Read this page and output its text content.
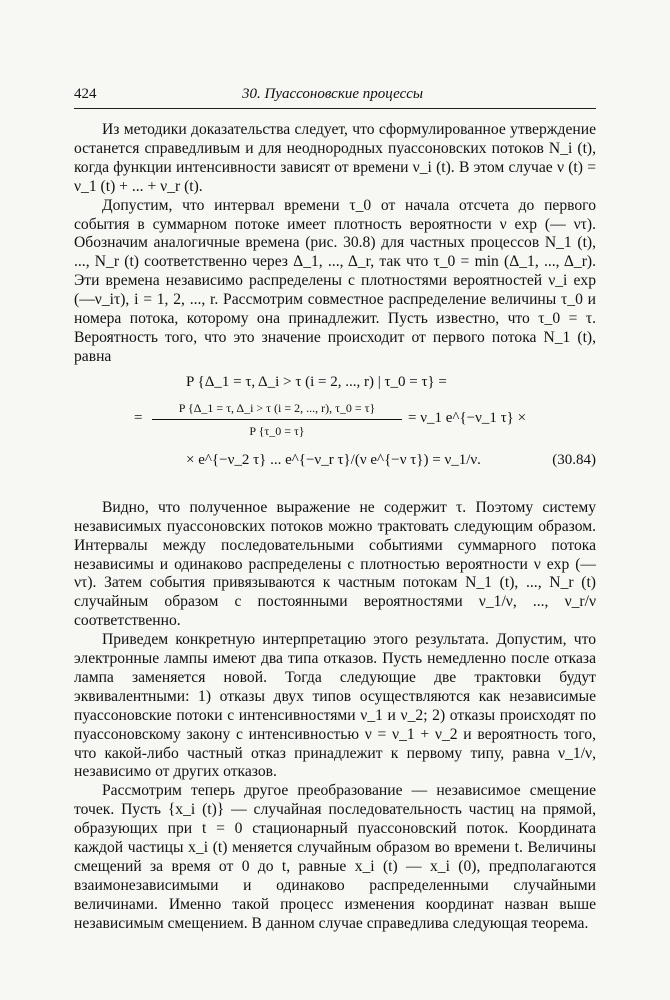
424	30. Пуассоновские процессы

Из методики доказательства следует, что сформулированное утверждение останется справедливым и для неоднородных пуассоновских потоков N_i (t), когда функции интенсивности зависят от времени ν_i (t). В этом случае ν (t) = ν_1 (t) + ... + ν_r (t).

Допустим, что интервал времени τ_0 от начала отсчета до первого события в суммарном потоке имеет плотность вероятности ν exp (— ντ). Обозначим аналогичные времена (рис. 30.8) для частных процессов N_1 (t), ..., N_r (t) соответственно через Δ_1, ..., Δ_r, так что τ_0 = min (Δ_1, ..., Δ_r). Эти времена независимо распределены с плотностями вероятностей ν_i exp (—ν_iτ), i = 1, 2, ..., r. Рассмотрим совместное распределение величины τ_0 и номера потока, которому она принадлежит. Пусть известно, что τ_0 = τ. Вероятность того, что это значение происходит от первого потока N_1 (t), равна

P {Δ_1 = τ, Δ_i > τ (i = 2, ..., r) | τ_0 = τ} =
= $\frac{P \{\Delta\_1 = \tau, \Delta\_i > \tau (i = 2, ..., r), \tau\_0 = \tau\}}{P \{\tau\_0 = \tau\}}$ = ν_1 e^{−ν_1 τ} ×
× e^{−ν_2 τ} ... e^{−ν_r τ}/(ν e^{−ν τ}) = ν_1/ν.	(30.84)

Видно, что полученное выражение не содержит τ. Поэтому систему независимых пуассоновских потоков можно трактовать следующим образом. Интервалы между последовательными событиями суммарного потока независимы и одинаково распределены с плотностью вероятности ν exp (—ντ). Затем события привязываются к частным потокам N_1 (t), ..., N_r (t) случайным образом с постоянными вероятностями ν_1/ν, ..., ν_r/ν соответственно.

Приведем конкретную интерпретацию этого результата. Допустим, что электронные лампы имеют два типа отказов. Пусть немедленно после отказа лампа заменяется новой. Тогда следующие две трактовки будут эквивалентными: 1) отказы двух типов осуществляются как независимые пуассоновские потоки с интенсивностями ν_1 и ν_2; 2) отказы происходят по пуассоновскому закону с интенсивностью ν = ν_1 + ν_2 и вероятность того, что какой-либо частный отказ принадлежит к первому типу, равна ν_1/ν, независимо от других отказов.

Рассмотрим теперь другое преобразование — независимое смещение точек. Пусть {x_i (t)} — случайная последовательность частиц на прямой, образующих при t = 0 стационарный пуассоновский поток. Координата каждой частицы x_i (t) меняется случайным образом во времени t. Величины смещений за время от 0 до t, равные x_i (t) — x_i (0), предполагаются взаимонезависимыми и одинаково распределенными случайными величинами. Именно такой процесс изменения координат назван выше независимым смещением. В данном случае справедлива следующая теорема.
